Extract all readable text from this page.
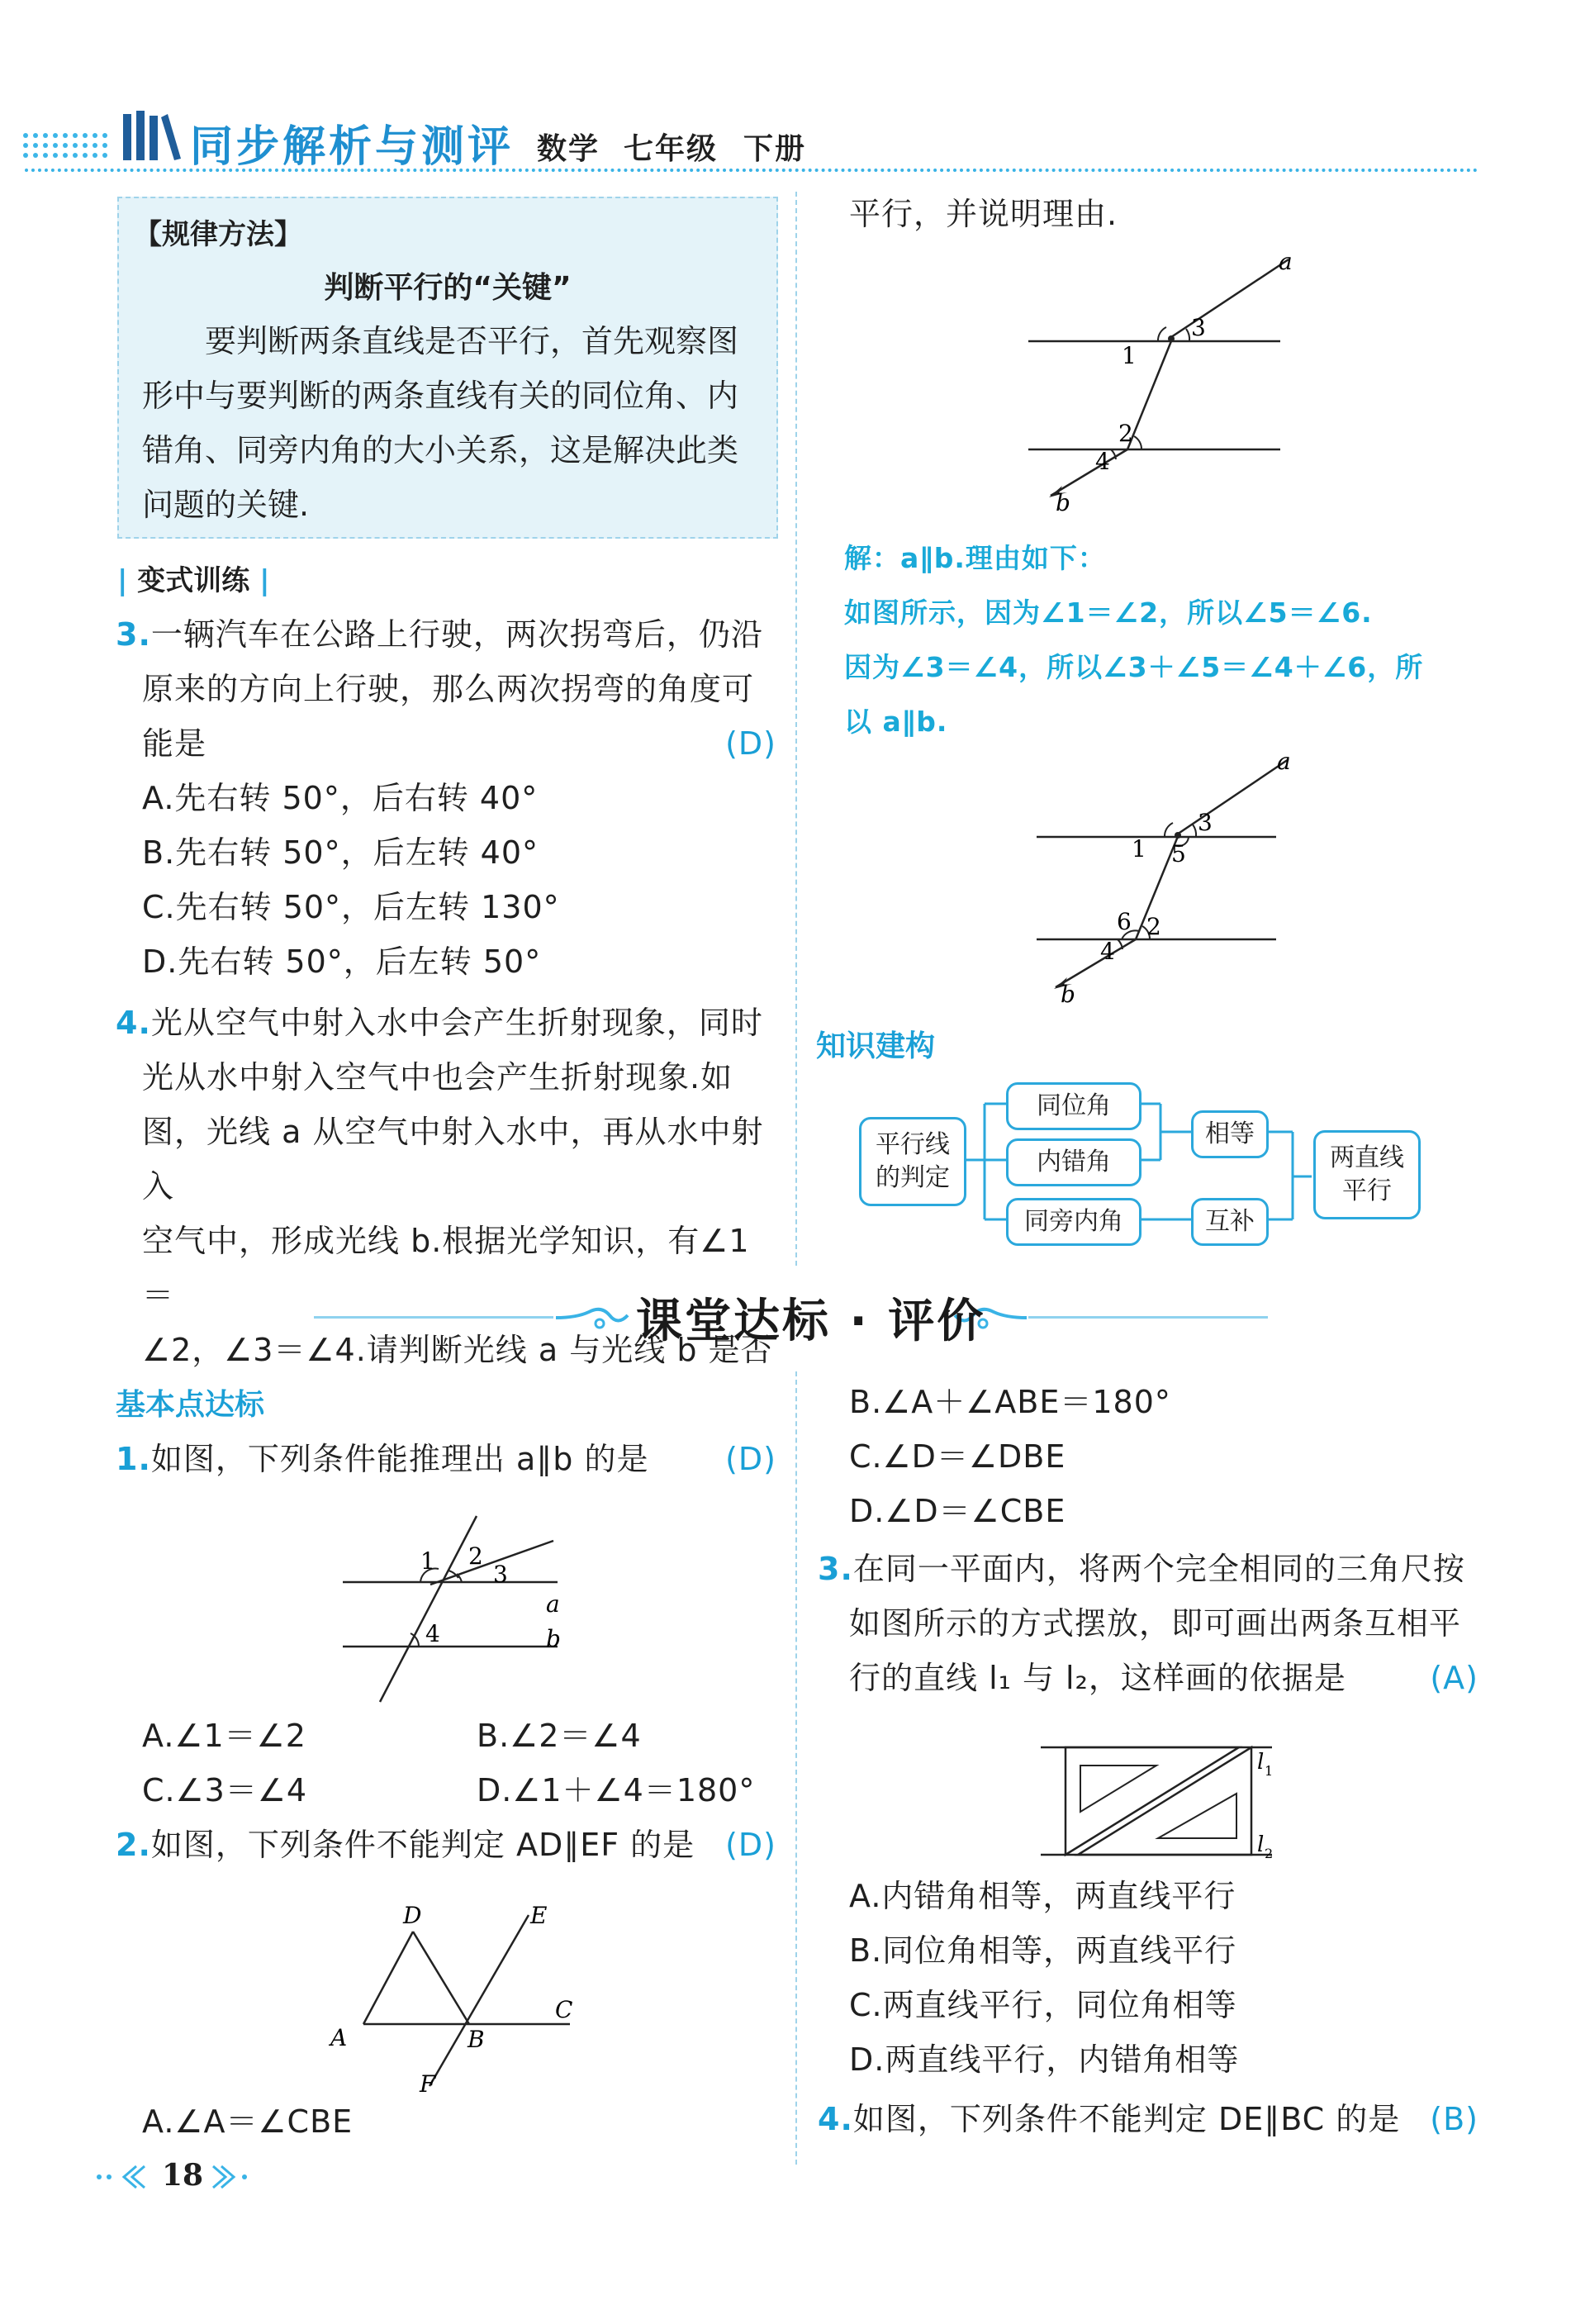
同步解析与测评 数学 七年级 下册
【规律方法】
判断平行的“关键”
要判断两条直线是否平行，首先观察图形中与要判断的两条直线有关的同位角、内错角、同旁内角的大小关系，这是解决此类问题的关键.
| 变式训练 |
3.一辆汽车在公路上行驶，两次拐弯后，仍沿
原来的方向上行驶，那么两次拐弯的角度可
能是	(D)
A.先右转 50°，后右转 40°
B.先右转 50°，后左转 40°
C.先右转 50°，后左转 130°
D.先右转 50°，后左转 50°
4.光从空气中射入水中会产生折射现象，同时
光从水中射入空气中也会产生折射现象.如
图，光线 a 从空气中射入水中，再从水中射入
空气中，形成光线 b.根据光学知识，有∠1＝
∠2，∠3＝∠4.请判断光线 a 与光线 b 是否
平行，并说明理由.
a
3
1
2
4
b
解：a∥b.理由如下：
如图所示，因为∠1＝∠2，所以∠5＝∠6.
因为∠3＝∠4，所以∠3＋∠5＝∠4＋∠6，所
以 a∥b.
a
3
1 5
6 2
4
b
知识建构
平行线
的判定
同位角
内错角
同旁内角
相等
互补
两直线
平行
课堂达标 · 评价
基本点达标
1.如图，下列条件能推理出 a∥b 的是 (D)
1 2
3
4
a
b
A.∠1＝∠2	B.∠2＝∠4
C.∠3＝∠4	D.∠1＋∠4＝180°
2.如图，下列条件不能判定 AD∥EF 的是 (D)
D	E
C
A	B
F
A.∠A＝∠CBE
18
B.∠A＋∠ABE＝180°
C.∠D＝∠DBE
D.∠D＝∠CBE
3.在同一平面内，将两个完全相同的三角尺按
如图所示的方式摆放，即可画出两条互相平
行的直线 l₁ 与 l₂，这样画的依据是	(A)
l 1
l 2
A.内错角相等，两直线平行
B.同位角相等，两直线平行
C.两直线平行，同位角相等
D.两直线平行，内错角相等
4.如图，下列条件不能判定 DE∥BC 的是 (B)
